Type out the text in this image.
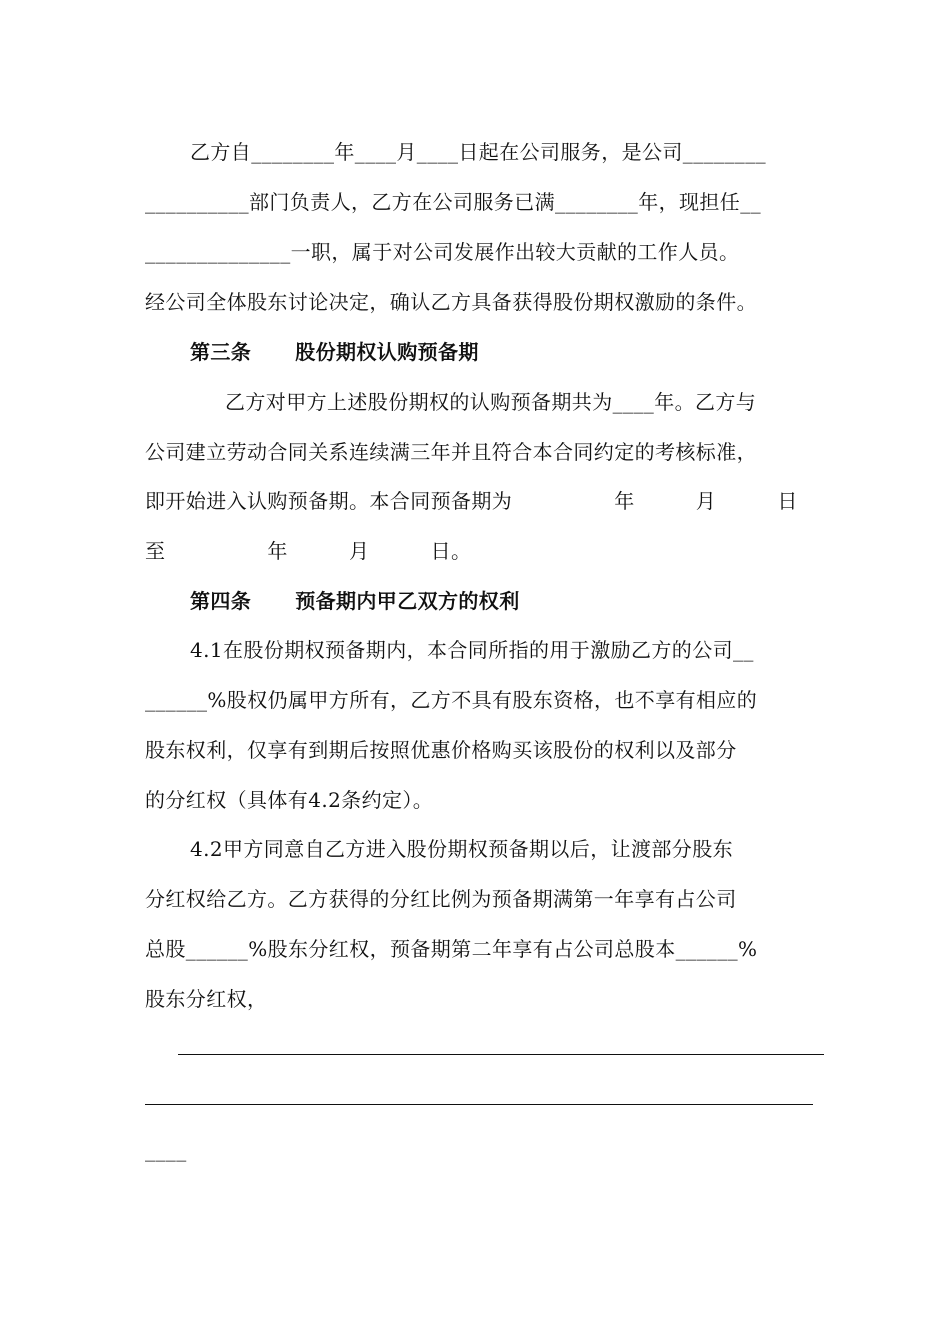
乙方自________年____月____日起在公司服务，是公司________
__________部门负责人，乙方在公司服务已满________年，现担任__
______________一职，属于对公司发展作出较大贡献的工作人员。
经公司全体股东讨论决定，确认乙方具备获得股份期权激励的条件。
第三条 股份期权认购预备期
乙方对甲方上述股份期权的认购预备期共为____年。乙方与
公司建立劳动合同关系连续满三年并且符合本合同约定的考核标准，
即开始进入认购预备期。本合同预备期为　　　　　年　　　月　　　日
至　　　　　年　　　月　　　日。
第四条 预备期内甲乙双方的权利
4.1在股份期权预备期内，本合同所指的用于激励乙方的公司__
______%股权仍属甲方所有，乙方不具有股东资格，也不享有相应的
股东权利，仅享有到期后按照优惠价格购买该股份的权利以及部分
的分红权（具体有4.2条约定）。
4.2甲方同意自乙方进入股份期权预备期以后，让渡部分股东
分红权给乙方。乙方获得的分红比例为预备期满第一年享有占公司
总股______%股东分红权，预备期第二年享有占公司总股本______%
股东分红权，
____
